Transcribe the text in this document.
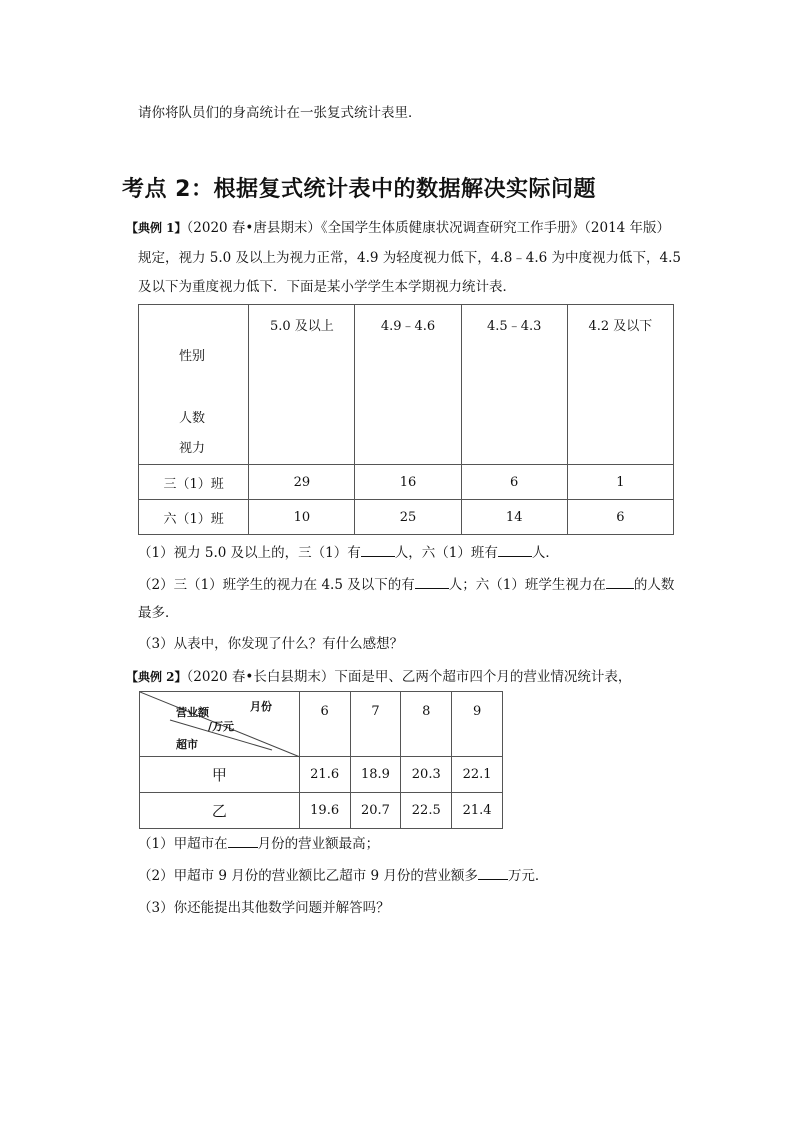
请你将队员们的身高统计在一张复式统计表里．
考点 2：根据复式统计表中的数据解决实际问题
【典例 1】（2020 春•唐县期末）《全国学生体质健康状况调查研究工作手册》（2014 年版）
规定，视力 5.0 及以上为视力正常，4.9 为轻度视力低下，4.8﹣4.6 为中度视力低下，4.5
及以下为重度视力低下．下面是某小学学生本学期视力统计表．
性别
人数
视力	5.0 及以上	4.9﹣4.6	4.5﹣4.3	4.2 及以下
三（1）班	29	16	6	1
六（1）班	10	25	14	6
（1）视力 5.0 及以上的，三（1）有	人，六（1）班有	人．
（2）三（1）班学生的视力在 4.5 及以下的有	人；六（1）班学生视力在 的人数
最多．
（3）从表中，你发现了什么？有什么感想？
【典例 2】（2020 春•长白县期末）下面是甲、乙两个超市四个月的营业情况统计表，
月份
营业额
/万元
超市	6	7	8	9
甲	21.6	18.9	20.3	22.1
乙	19.6	20.7	22.5	21.4
（1）甲超市在 月份的营业额最高；
（2）甲超市 9 月份的营业额比乙超市 9 月份的营业额多 万元．
（3）你还能提出其他数学问题并解答吗？
